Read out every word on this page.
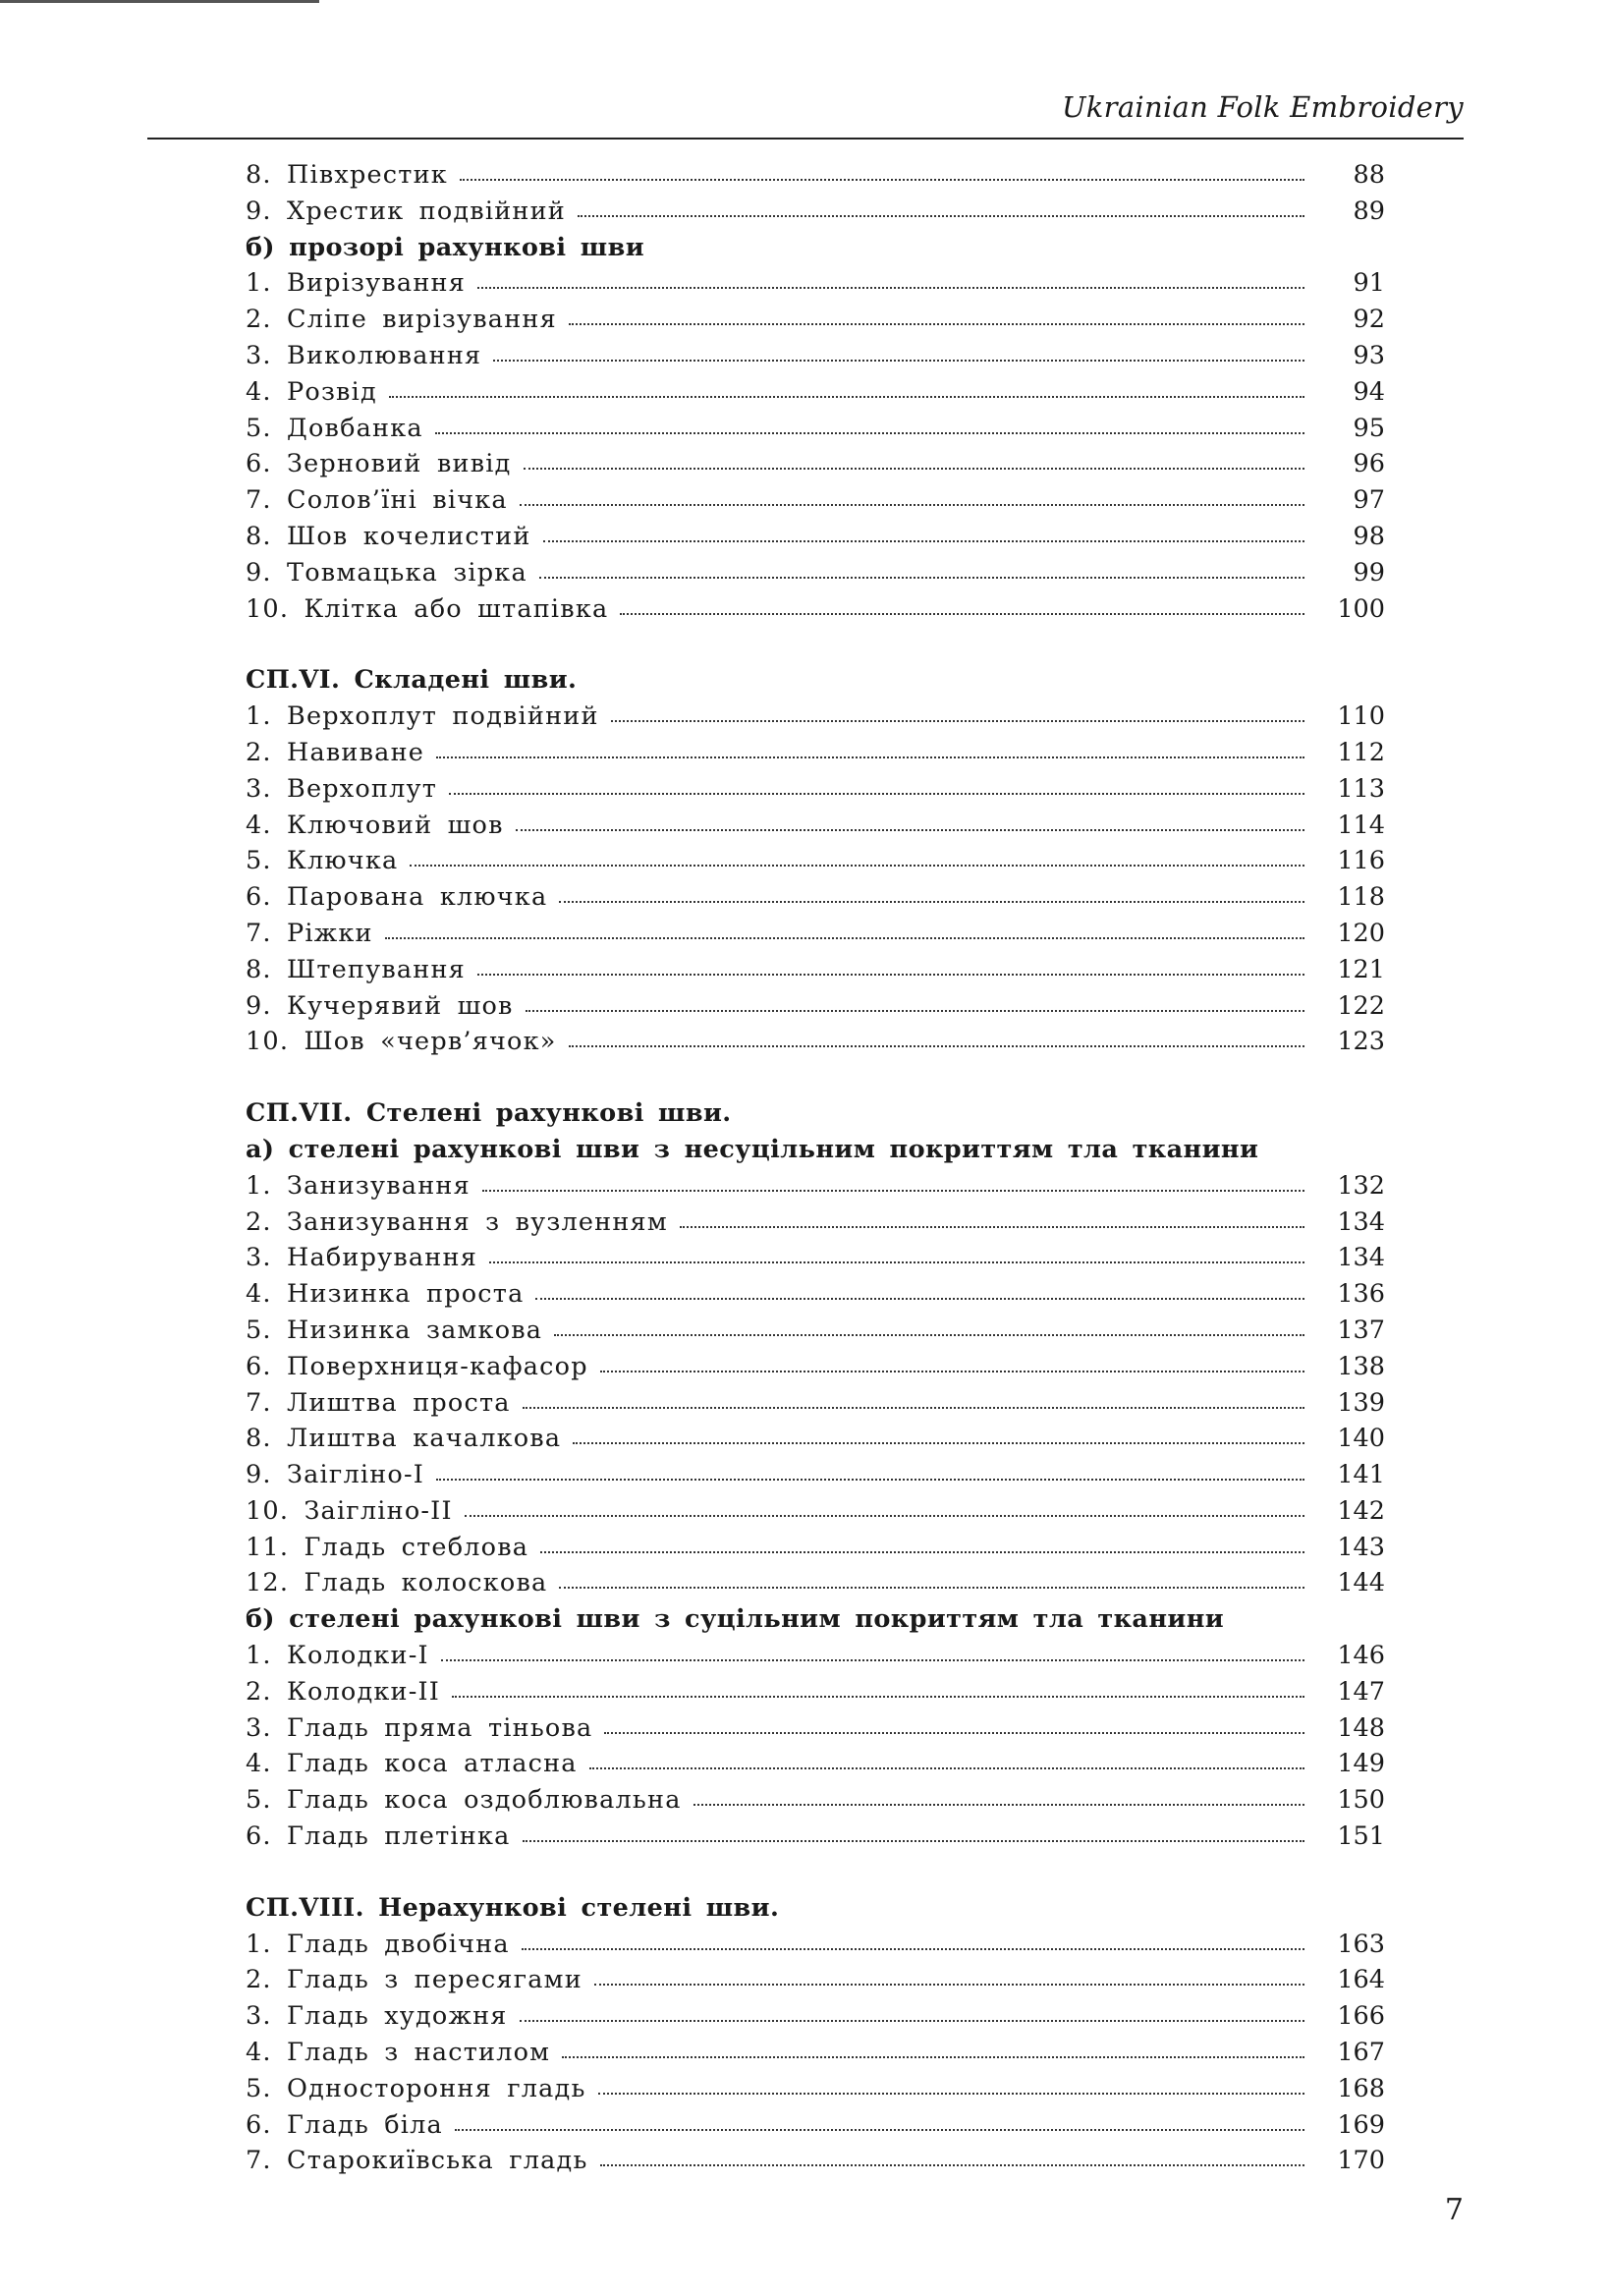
Ukrainian Folk Embroidery
8. Півхрестик	88
9. Хрестик подвійний	89
б) прозорі рахункові шви
1. Вирізування	91
2. Сліпе вирізування	92
3. Виколювання	93
4. Розвід	94
5. Довбанка	95
6. Зерновий вивід	96
7. Солов’їні вічка	97
8. Шов кочелистий	98
9. Товмацька зірка	99
10. Клітка або штапівка	100
СП.VI. Складені шви.
1. Верхоплут подвійний	110
2. Навиване	112
3. Верхоплут	113
4. Ключовий шов	114
5. Ключка	116
6. Парована ключка	118
7. Ріжки	120
8. Штепування	121
9. Кучерявий шов	122
10. Шов «черв’ячок»	123
СП.VII. Стелені рахункові шви.
а) стелені рахункові шви з несуцільним покриттям тла тканини
1. Занизування	132
2. Занизування з вузленням	134
3. Набирування	134
4. Низинка проста	136
5. Низинка замкова	137
6. Поверхниця-кафасор	138
7. Лиштва проста	139
8. Лиштва качалкова	140
9. Заігліно-I	141
10. Заігліно-II	142
11. Гладь стеблова	143
12. Гладь колоскова	144
б) стелені рахункові шви з суцільним покриттям тла тканини
1. Колодки-I	146
2. Колодки-II	147
3. Гладь пряма тіньова	148
4. Гладь коса атласна	149
5. Гладь коса оздоблювальна	150
6. Гладь плетінка	151
СП.VIII. Нерахункові стелені шви.
1. Гладь двобічна	163
2. Гладь з пересягами	164
3. Гладь художня	166
4. Гладь з настилом	167
5. Одностороння гладь	168
6. Гладь біла	169
7. Старокиївська гладь	170
7
